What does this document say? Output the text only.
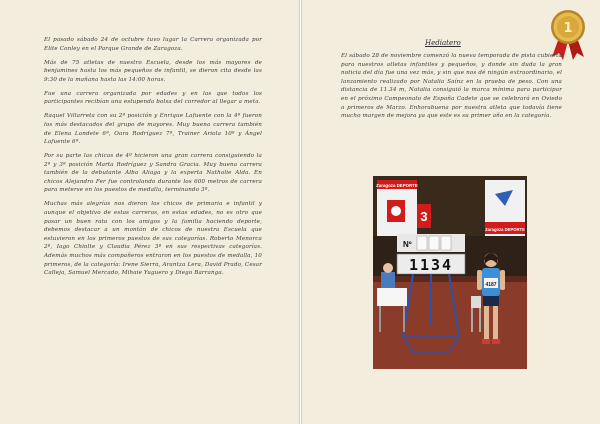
El pasado sábado 24 de octubre tuvo lugar la Carrera organizada por Elite Conley en el Parque Grande de Zaragoza.

Más de 75 atletas de nuestro Escuela, desde los más mayores de benjamines hasta los más pequeños de infantil, se dieron cita desde las 9:30 de la mañana hasta las 14:00 horas.

Fue una carrera organizada por edades y en las que todos los participantes recibían una estupenda bolsa del corredor al llegar a meta.

Raquel Villarreta con su 2ª posición y Enrique Lafuente con la 4ª fueron los más destacados del grupo de mayores. Muy buena carrera también de Elena Landete 6ª, Oara Rodríguez 7ª, Trainer Ariola 10ª y Ángel Lafuente 6ª.

Por su parte las chicas de 4º hicieron una gran carrera consiguiendo la 2ª y 3ª posición Marta Rodríguez y Sandra Gracia. Muy buena carrera también de la debutante Alba Aliaga y la experta Nathalie Alda. En chicos Alejandro Fer fue controlando durante los 600 metros de carrera para meterse en los puestos de medalla, terminando 3º.

Muchas más alegrías nos dieron los chicos de primaria e infantil y aunque el objetivo de estas carreras, en estas edades, no es otro que pasar un buen rato con los amigos y la familia haciendo deporte, debemos destacar a un montón de chicos de nuestra Escuela que estuvieron en los primeros puestos de sus categorías. Roberto Menorca 2º, Iago Chiolte y Claudia Pérez 3º en sus respectivas categorías. Además muchos más compañeros entraron en los puestos de medalla, 10 primeros, de la categoría: Irene Sierra, Arantza Lera, David Prado, Cesar Calleja, Samuel Mercado, Mihaie Yuguero y Diego Barranga.

1
Hediatero

El sábado 28 de noviembre comenzó la nueva temporada de pista cubierta para nuestros atletas infantiles y pequeños, y donde sin duda la gran noticia del día fue una vez más, y sin que nos dé ningún extraordinario, el lanzamiento realizado por Natalia Saínz en la prueba de peso. Con una distancia de 11.34 m, Natalia consiguió la marca mínima para participar en el próximo Campeonato de España Cadete que se celebrará en Oviedo a primeros de Marzo. Enhorabuena por nuestra atleta que todavía tiene mucho margen de mejora ya que este es su primer año en la categoría.

Zaragoza DEPORTE
3
Zaragoza DEPORTE
Nº
1134
4187
